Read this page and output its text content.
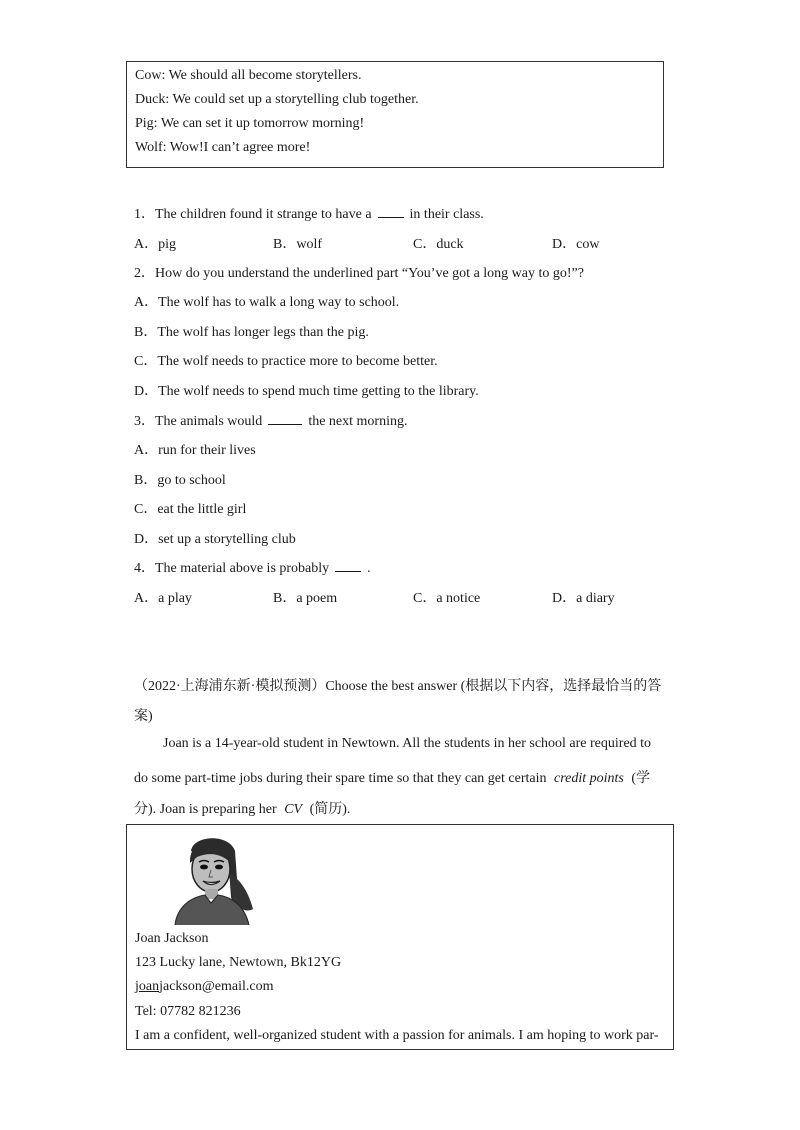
Cow: We should all become storytellers.
Duck: We could set up a storytelling club together.
Pig: We can set it up tomorrow morning!
Wolf: Wow!I can’t agree more!
1．The children found it strange to have a	in their class.
A．pig	B．wolf	C．duck	D．cow
2．How do you understand the underlined part “You’ve got a long way to go!”?
A．The wolf has to walk a long way to school.
B．The wolf has longer legs than the pig.
C．The wolf needs to practice more to become better.
D．The wolf needs to spend much time getting to the library.
3．The animals would	the next morning.
A．run for their lives
B．go to school
C．eat the little girl
D．set up a storytelling club
4．The material above is probably	.
A．a play	B．a poem	C．a notice	D．a diary
（2022·上海浦东新·模拟预测）Choose the best answer (根据以下内容，选择最恰当的答
案)
Joan is a 14-year-old student in Newtown. All the students in her school are required to
do some part-time jobs during their spare time so that they can get certain credit points (学
分). Joan is preparing her CV (简历).
Joan Jackson
123 Lucky lane, Newtown, Bk12YG
joanjackson@email.com
Tel: 07782 821236
I am a confident, well-organized student with a passion for animals. I am hoping to work par-
